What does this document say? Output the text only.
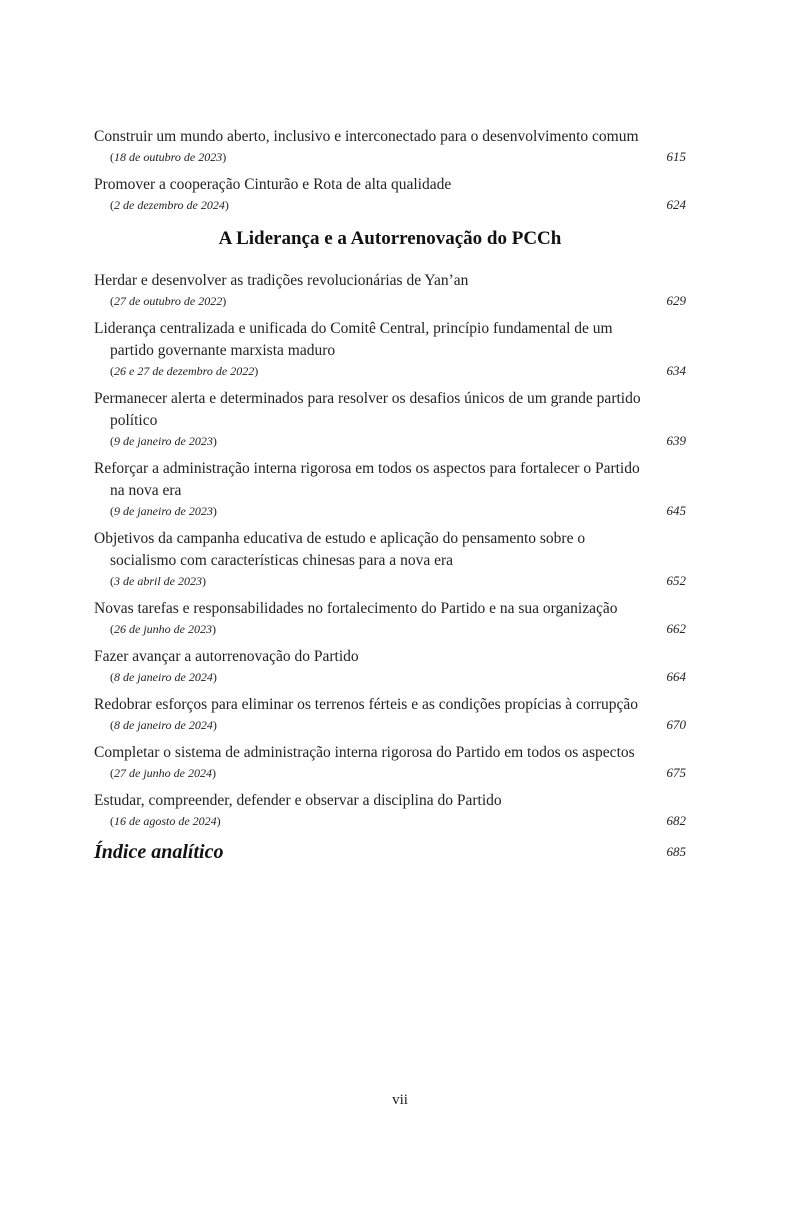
Construir um mundo aberto, inclusivo e interconectado para o desenvolvimento comum
(18 de outubro de 2023)	615
Promover a cooperação Cinturão e Rota de alta qualidade
(2 de dezembro de 2024)	624
A Liderança e a Autorrenovação do PCCh
Herdar e desenvolver as tradições revolucionárias de Yan’an
(27 de outubro de 2022)	629
Liderança centralizada e unificada do Comitê Central, princípio fundamental de um partido governante marxista maduro
(26 e 27 de dezembro de 2022)	634
Permanecer alerta e determinados para resolver os desafios únicos de um grande partido político
(9 de janeiro de 2023)	639
Reforçar a administração interna rigorosa em todos os aspectos para fortalecer o Partido na nova era
(9 de janeiro de 2023)	645
Objetivos da campanha educativa de estudo e aplicação do pensamento sobre o socialismo com características chinesas para a nova era
(3 de abril de 2023)	652
Novas tarefas e responsabilidades no fortalecimento do Partido e na sua organização
(26 de junho de 2023)	662
Fazer avançar a autorrenovação do Partido
(8 de janeiro de 2024)	664
Redobrar esforços para eliminar os terrenos férteis e as condições propícias à corrupção
(8 de janeiro de 2024)	670
Completar o sistema de administração interna rigorosa do Partido em todos os aspectos
(27 de junho de 2024)	675
Estudar, compreender, defender e observar a disciplina do Partido
(16 de agosto de 2024)	682
Índice analítico	685
vii
